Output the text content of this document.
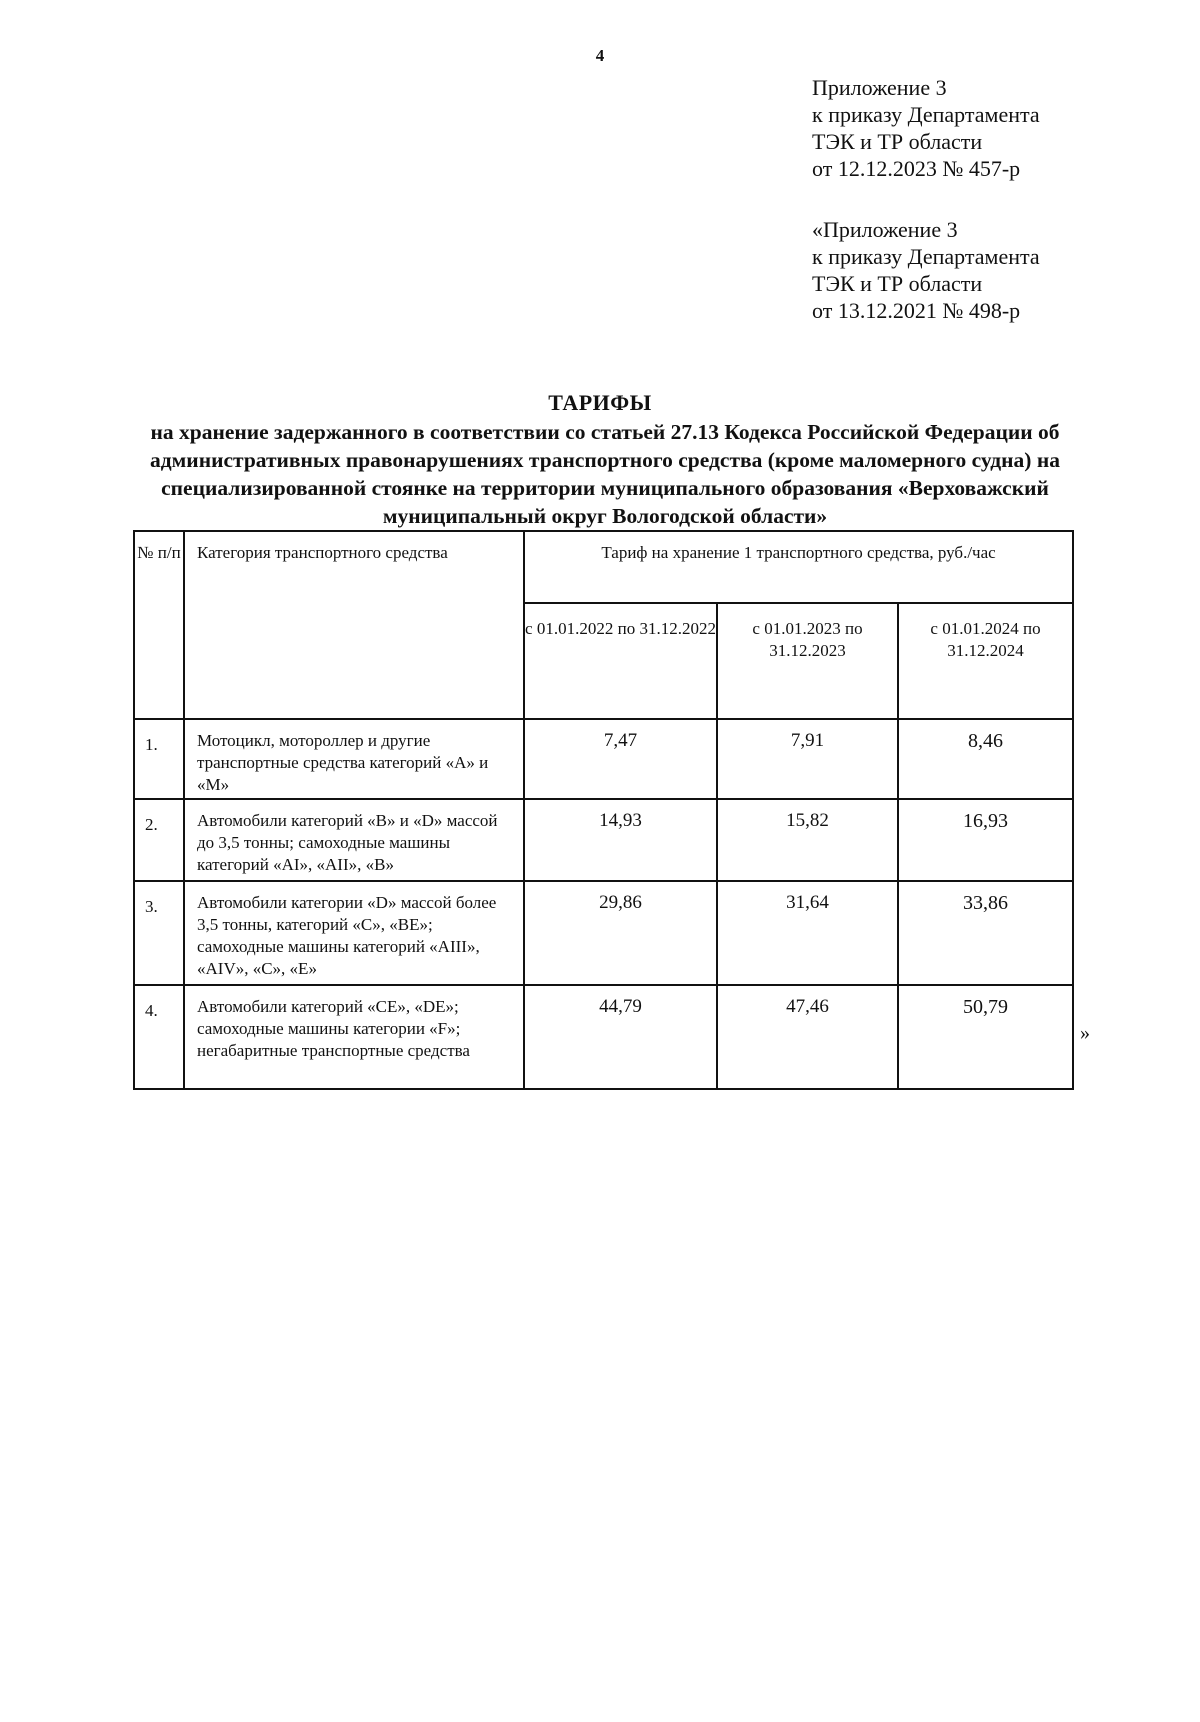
4
Приложение 3
к приказу Департамента
ТЭК и ТР области
от 12.12.2023 № 457-р
«Приложение 3
к приказу Департамента
ТЭК и ТР области
от 13.12.2021 № 498-р
ТАРИФЫ
на хранение задержанного в соответствии со статьей 27.13 Кодекса Российской Федерации об административных правонарушениях транспортного средства (кроме маломерного судна) на специализированной стоянке на территории муниципального образования «Верховажский муниципальный округ Вологодской области»
№ п/п	Категория транспортного средства	Тариф на хранение 1 транспортного средства, руб./час		
		с 01.01.2022 по 31.12.2022	с 01.01.2023 по 31.12.2023	с 01.01.2024 по 31.12.2024
1.	Мотоцикл, мотороллер и другие транспортные средства категорий «А» и «М»	7,47	7,91	8,46
2.	Автомобили категорий «В» и «D» массой до 3,5 тонны; самоходные машины категорий «AI», «AII», «В»	14,93	15,82	16,93
3.	Автомобили категории «D» массой более 3,5 тонны, категорий «С», «ВЕ»; самоходные машины категорий «AIII», «AIV», «С», «Е»	29,86	31,64	33,86
4.	Автомобили категорий «СЕ», «DE»; самоходные машины категории «F»; негабаритные транспортные средства	44,79	47,46	50,79
»
